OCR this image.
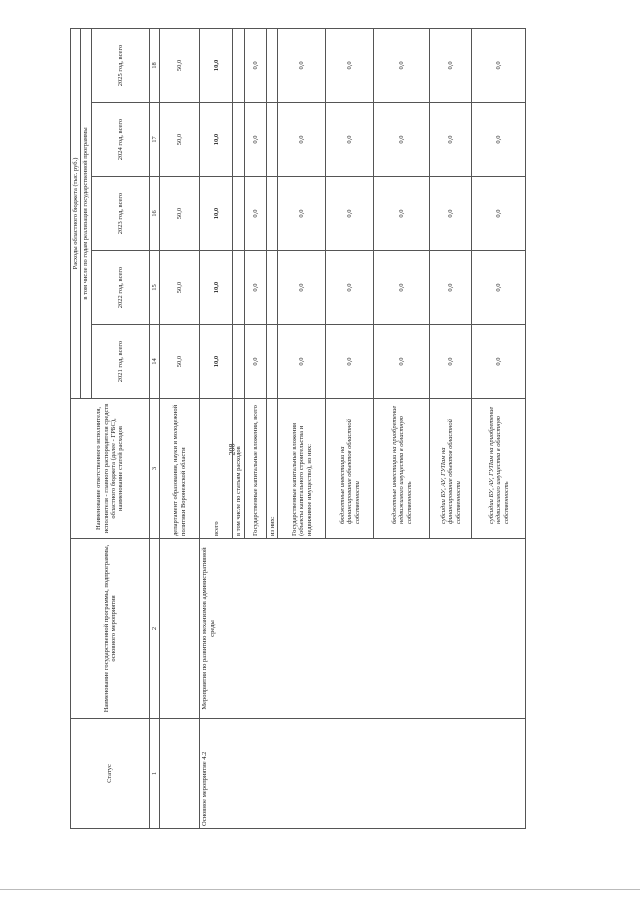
208
Статус	Наименование государственной программы, подпрограммы, основного мероприятия	Наименование ответственного исполнителя, исполнителя - главного распорядителя средств областного бюджета (далее - ГРБС), наименование статей расходов	Расходы областного бюджета (тыс. руб.)				
			в том числе по годам реализации государственной программы				
			2021 год, всего	2022 год, всего	2023 год, всего	2024 год, всего	2025 год, всего
1	2	3	14	15	16	17	18
		департамент образования, науки и молодежной политики Воронежской области	50,0	50,0	50,0	50,0	50,0
Основное мероприятие 4.2	Мероприятия по развитию механизмов административной среды	всего	10,0	10,0	10,0	10,0	10,0
		в том числе по статьям расходов					
		Государственные капитальные вложения, всего	0,0	0,0	0,0	0,0	0,0
		из них:					
		Государственные капитальные вложения (объекты капитального строительства и недвижимое имущество), из них:	0,0	0,0	0,0	0,0	0,0
		бюджетные инвестиции на финансирование объектов областной собственности	0,0	0,0	0,0	0,0	0,0
		бюджетные инвестиции на приобретение недвижимого имущества в областную собственность	0,0	0,0	0,0	0,0	0,0
		субсидии БУ, АУ, ГУПам на финансирование объектов областной собственности	0,0	0,0	0,0	0,0	0,0
		субсидии БУ, АУ, ГУПам на приобретение недвижимого имущества в областную собственность	0,0	0,0	0,0	0,0	0,0
